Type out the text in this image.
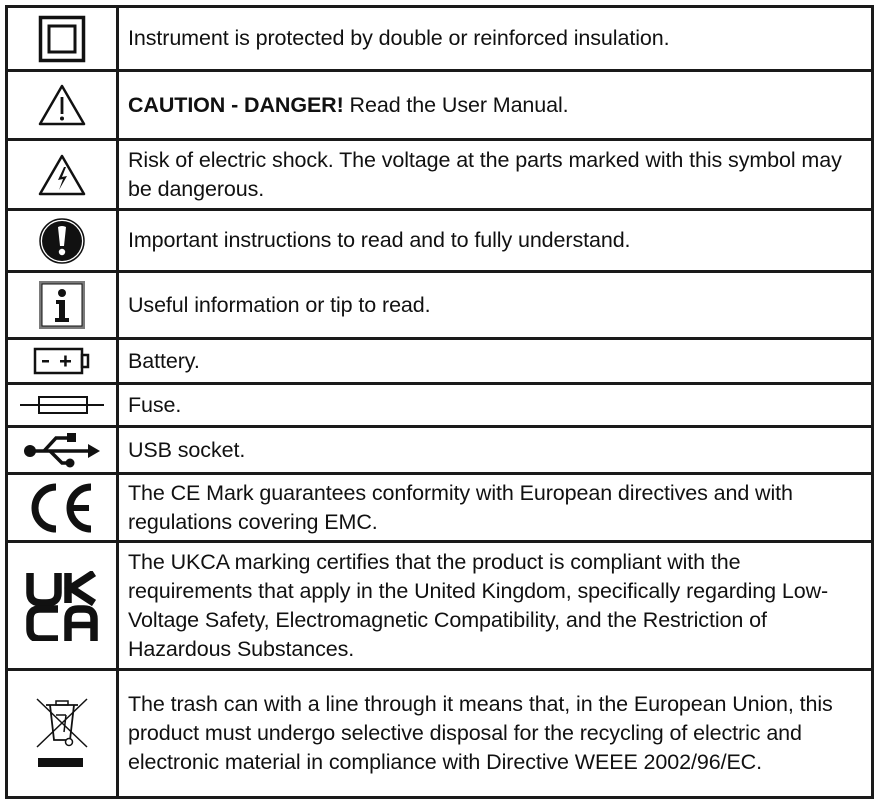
	Instrument is protected by double or reinforced insulation.

	CAUTION - DANGER! Read the User Manual.

	Risk of electric shock. The voltage at the parts marked with this symbol may be dangerous.

	Important instructions to read and to fully understand.

	Useful information or tip to read.

	Battery.

	Fuse.

	USB socket.

	The CE Mark guarantees conformity with European directives and with regulations covering EMC.

	The UKCA marking certifies that the product is compliant with the requirements that apply in the United Kingdom, specifically regarding Low-Voltage Safety, Electromagnetic Compatibility, and the Restriction of Hazardous Substances.

	The trash can with a line through it means that, in the European Union, this product must undergo selective disposal for the recycling of electric and electronic material in compliance with Directive WEEE 2002/96/EC.
